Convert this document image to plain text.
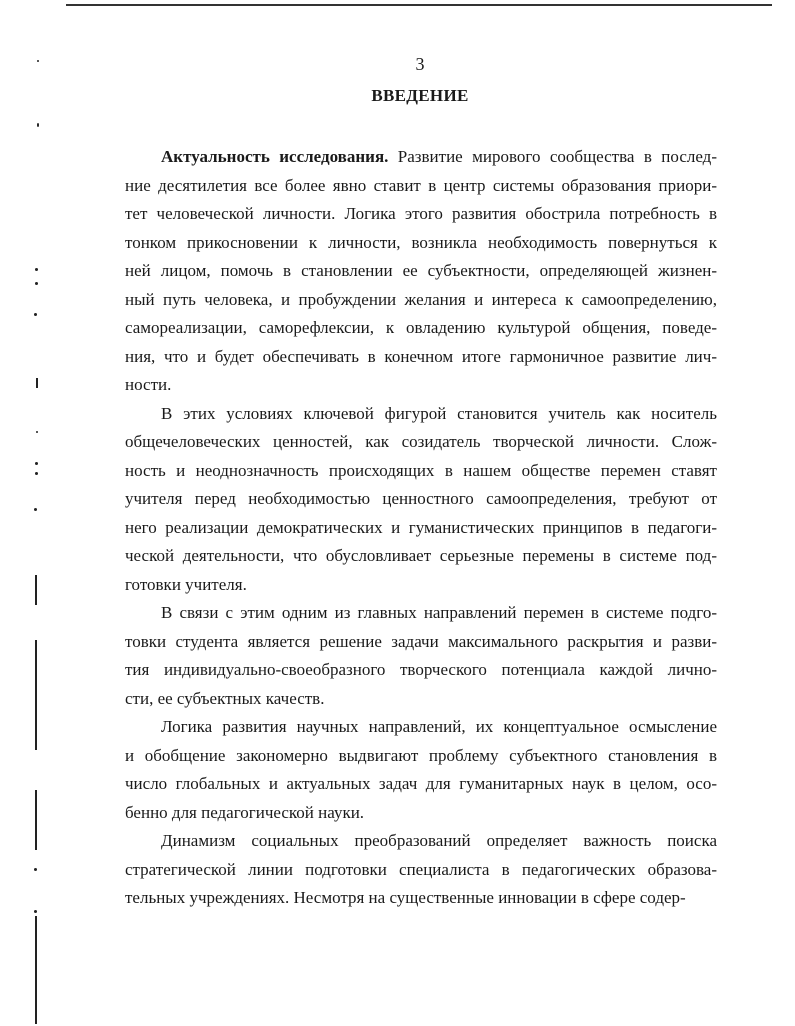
3
ВВЕДЕНИЕ
Актуальность исследования. Развитие мирового сообщества в послед-
ние десятилетия все более явно ставит в центр системы образования приори-
тет человеческой личности. Логика этого развития обострила потребность в
тонком прикосновении к личности, возникла необходимость повернуться к
ней лицом, помочь в становлении ее субъектности, определяющей жизнен-
ный путь человека, и пробуждении желания и интереса к самоопределению,
самореализации, саморефлексии, к овладению культурой общения, поведе-
ния, что и будет обеспечивать в конечном итоге гармоничное развитие лич-
ности.
В этих условиях ключевой фигурой становится учитель как носитель
общечеловеческих ценностей, как созидатель творческой личности. Слож-
ность и неоднозначность происходящих в нашем обществе перемен ставят
учителя перед необходимостью ценностного самоопределения, требуют от
него реализации демократических и гуманистических принципов в педагоги-
ческой деятельности, что обусловливает серьезные перемены в системе под-
готовки учителя.
В связи с этим одним из главных направлений перемен в системе подго-
товки студента является решение задачи максимального раскрытия и разви-
тия индивидуально-своеобразного творческого потенциала каждой лично-
сти, ее субъектных качеств.
Логика развития научных направлений, их концептуальное осмысление
и обобщение закономерно выдвигают проблему субъектного становления в
число глобальных и актуальных задач для гуманитарных наук в целом, осо-
бенно для педагогической науки.
Динамизм социальных преобразований определяет важность поиска
стратегической линии подготовки специалиста в педагогических образова-
тельных учреждениях. Несмотря на существенные инновации в сфере содер-
